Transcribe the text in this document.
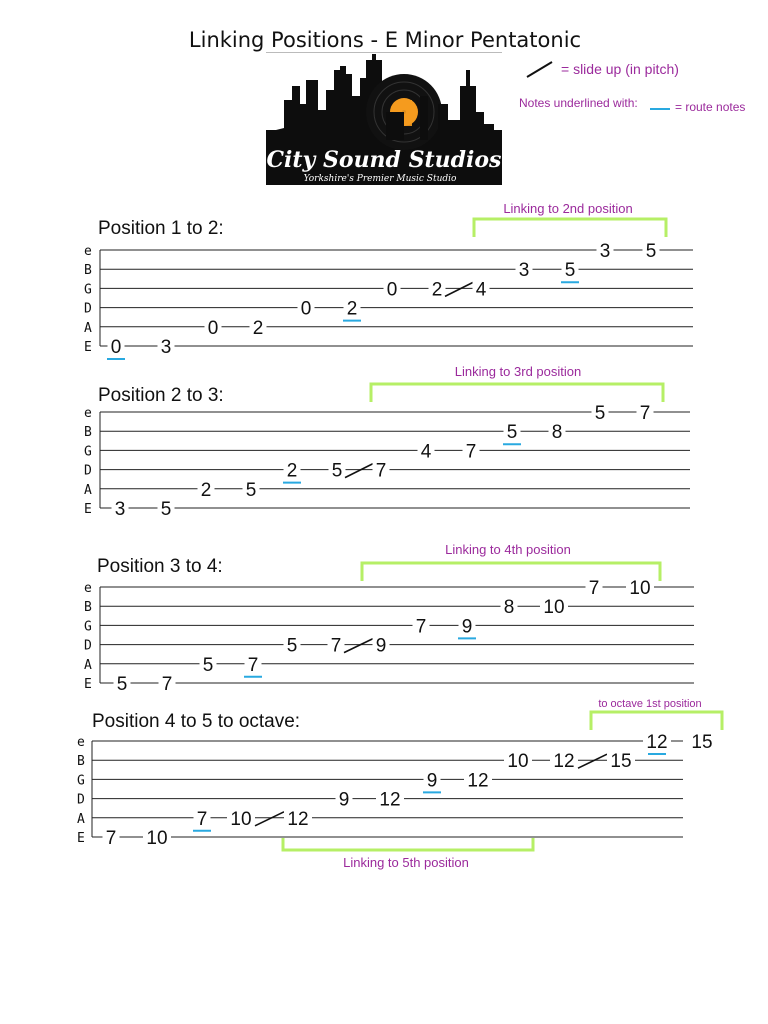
Linking Positions - E Minor Pentatonic
City Sound Studios
Yorkshire's Premier Music Studio
= slide up (in pitch)
Notes underlined with:	= route notes
Position 1 to 2:
e
B
G
D
A
E
Linking to 2nd position
0 3
0 2
0 2
0 2 4
3 5
3 5
Position 2 to 3:
e
B
G
D
A
E
Linking to 3rd position
3 5
2 5
2 5 7
4 7
5 8
5 7
Position 3 to 4:
e
B
G
D
A
E
Linking to 4th position
5 7
5 7
5 7 9
7 9
8 10
7 10
Position 4 to 5 to octave:
e
B
G
D
A
E
to octave 1st position
Linking to 5th position
7 10
7 10 12
9 12
9 12
10 12 15
12 15
